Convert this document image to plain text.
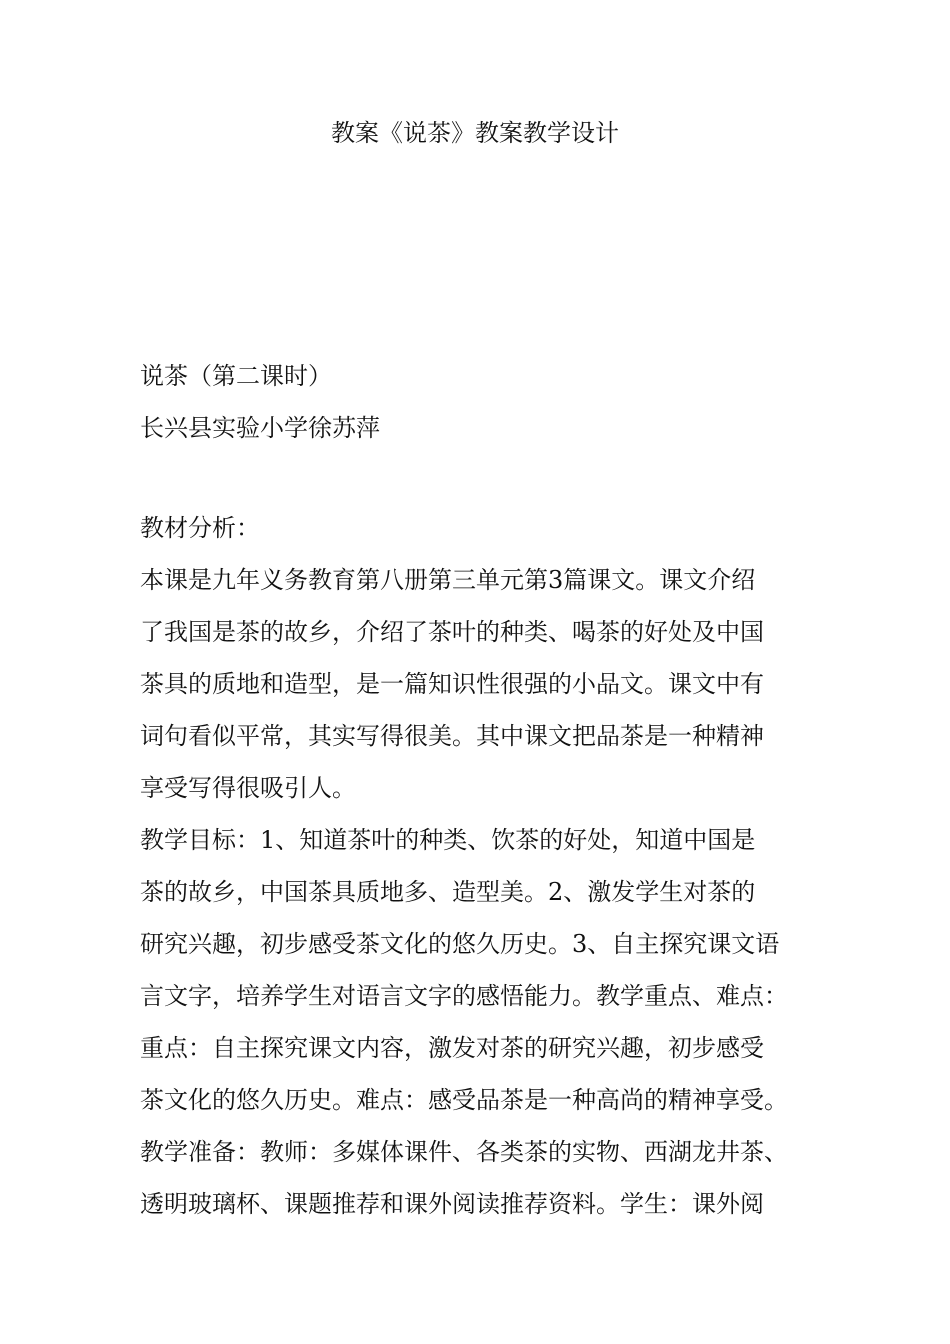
教案《说茶》教案教学设计
说茶（第二课时）
长兴县实验小学徐苏萍
教材分析：
本课是九年义务教育第八册第三单元第3篇课文。课文介绍
了我国是茶的故乡，介绍了茶叶的种类、喝茶的好处及中国
茶具的质地和造型，是一篇知识性很强的小品文。课文中有
词句看似平常，其实写得很美。其中课文把品茶是一种精神
享受写得很吸引人。
教学目标：1、知道茶叶的种类、饮茶的好处，知道中国是
茶的故乡，中国茶具质地多、造型美。2、激发学生对茶的
研究兴趣，初步感受茶文化的悠久历史。3、自主探究课文语
言文字，培养学生对语言文字的感悟能力。教学重点、难点：
重点：自主探究课文内容，激发对茶的研究兴趣，初步感受
茶文化的悠久历史。难点：感受品茶是一种高尚的精神享受。
教学准备：教师：多媒体课件、各类茶的实物、西湖龙井茶、
透明玻璃杯、课题推荐和课外阅读推荐资料。学生：课外阅
